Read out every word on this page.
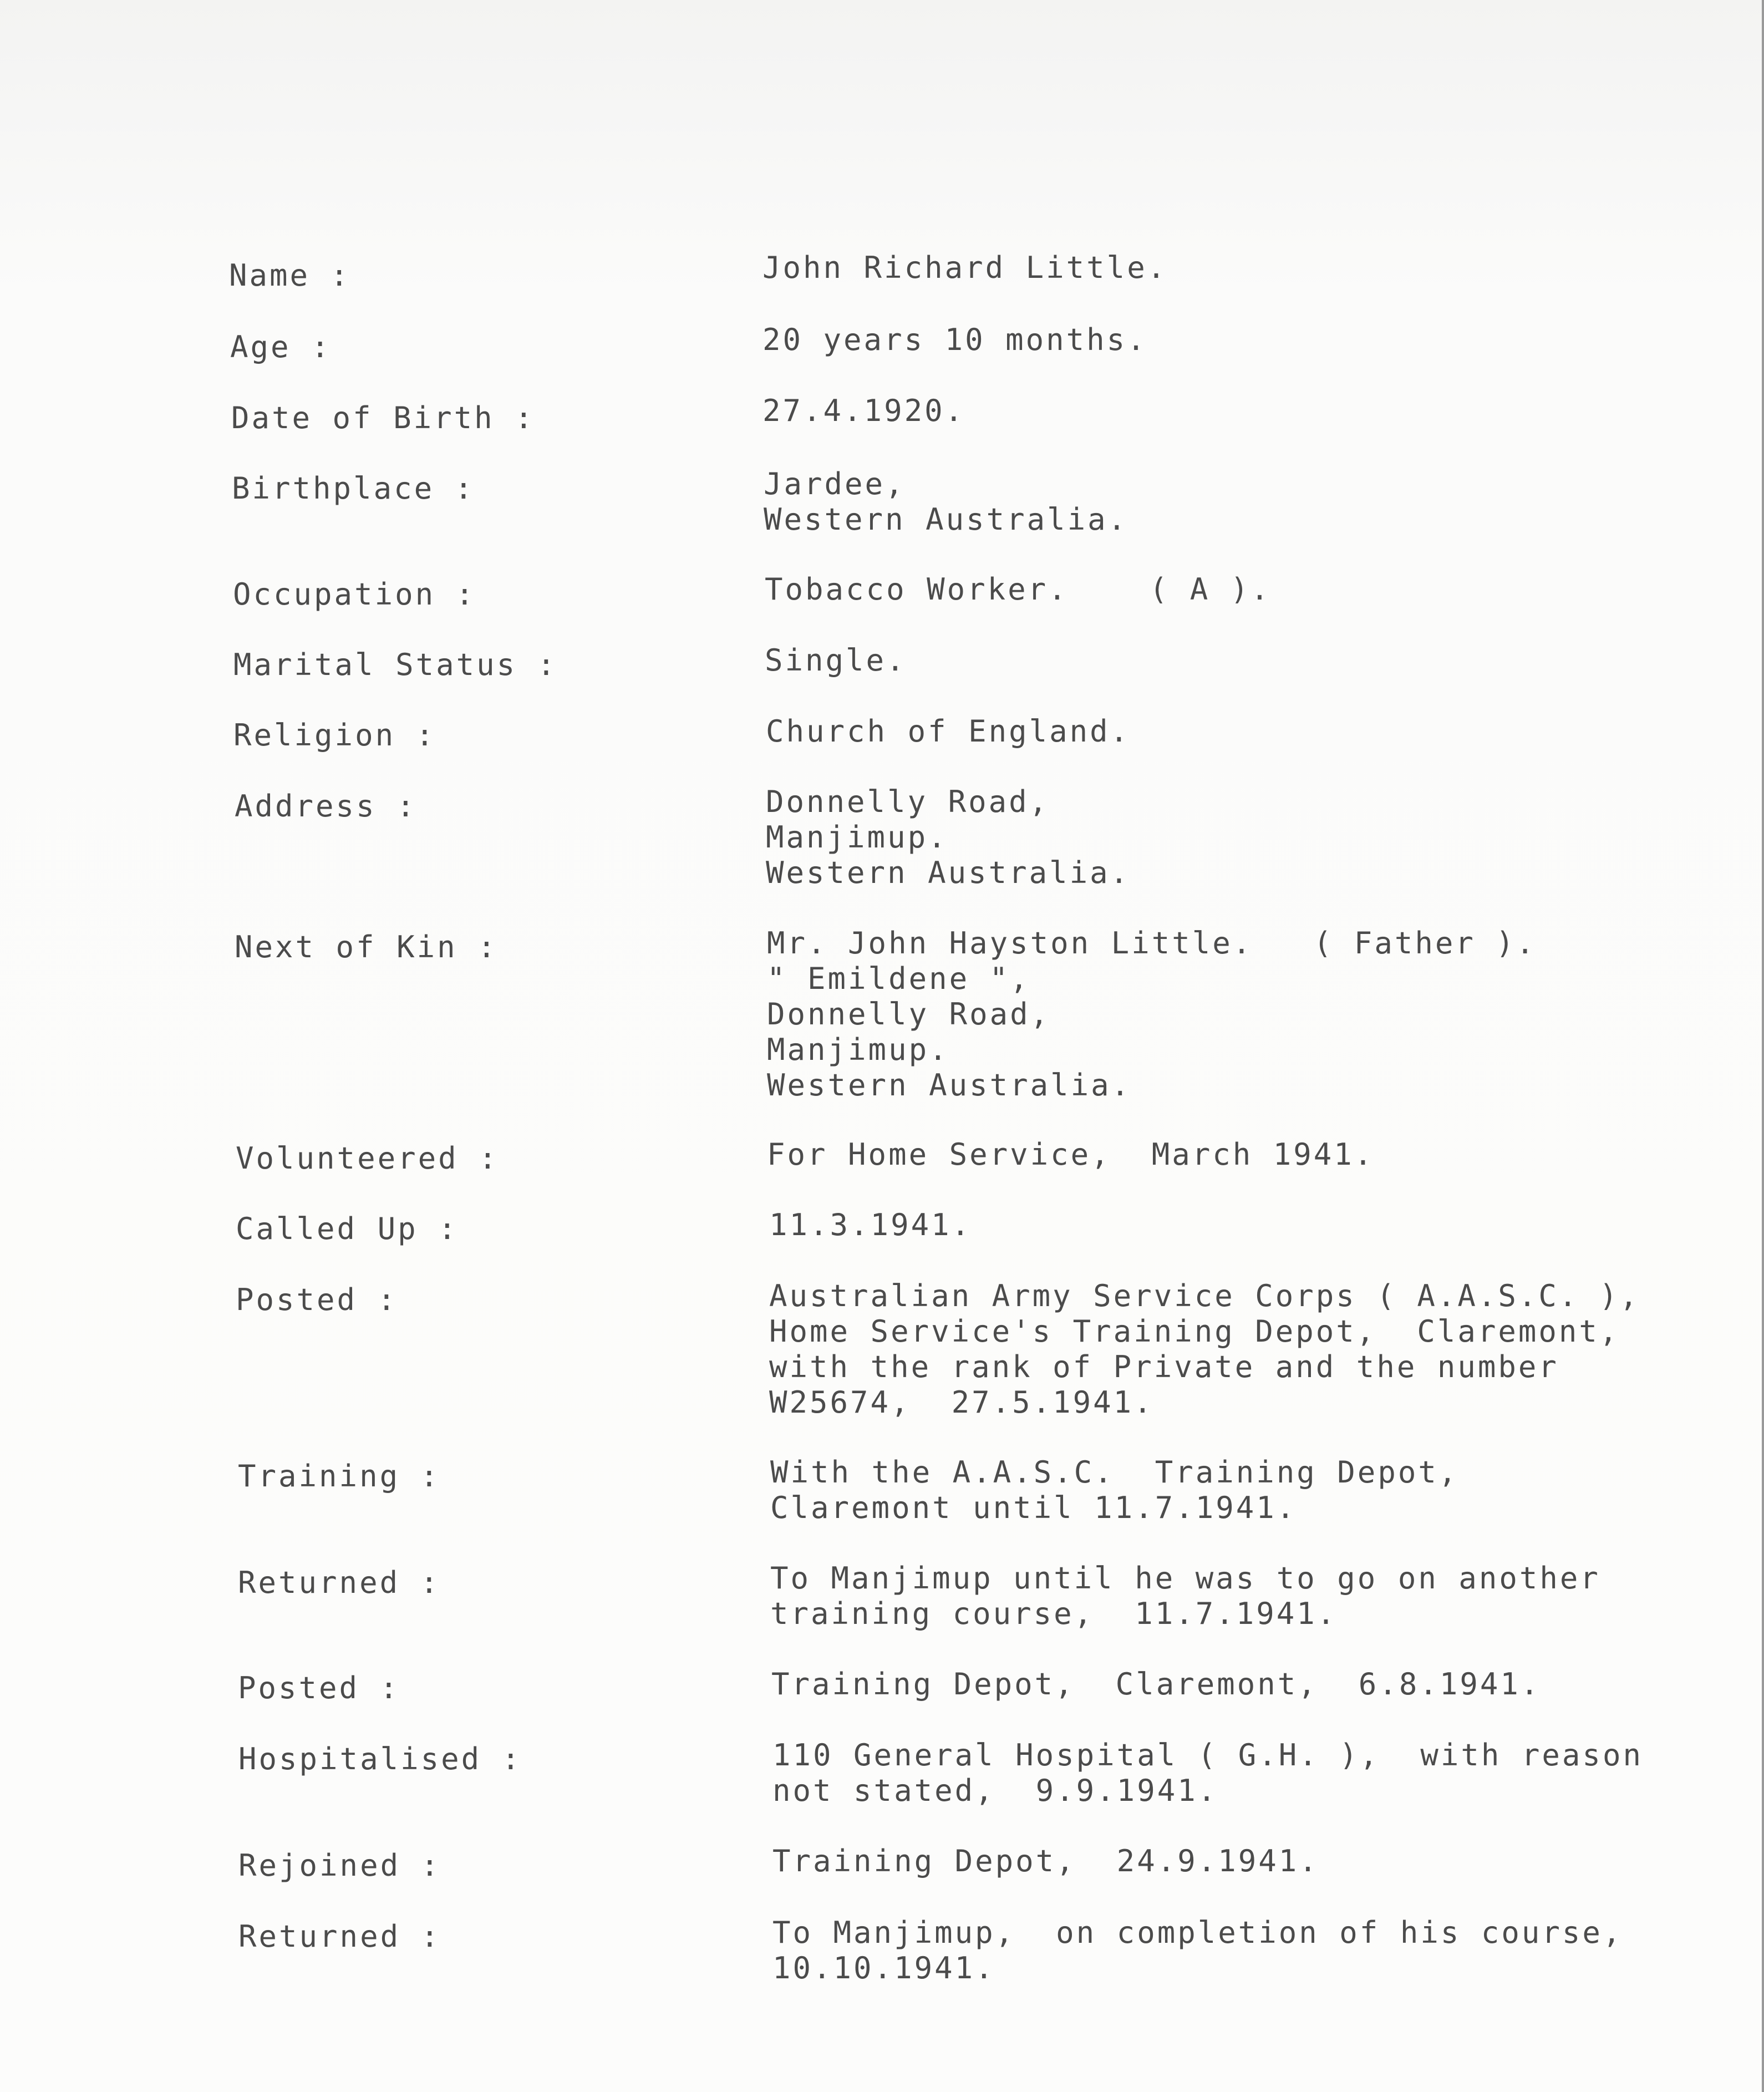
Name :	John Richard Little.
Age :	20 years 10 months.
Date of Birth :	27.4.1920.
Birthplace :	Jardee,
Western Australia.
Occupation :	Tobacco Worker.    ( A ).
Marital Status :	Single.
Religion :	Church of England.
Address :	Donnelly Road,
Manjimup.
Western Australia.
Next of Kin :	Mr. John Hayston Little.   ( Father ).
" Emildene ",
Donnelly Road,
Manjimup.
Western Australia.
Volunteered :	For Home Service,  March 1941.
Called Up :	11.3.1941.
Posted :	Australian Army Service Corps ( A.A.S.C. ),
Home Service's Training Depot,  Claremont,
with the rank of Private and the number
W25674,  27.5.1941.
Training :	With the A.A.S.C.  Training Depot,
Claremont until 11.7.1941.
Returned :	To Manjimup until he was to go on another
training course,  11.7.1941.
Posted :	Training Depot,  Claremont,  6.8.1941.
Hospitalised :	110 General Hospital ( G.H. ),  with reason
not stated,  9.9.1941.
Rejoined :	Training Depot,  24.9.1941.
Returned :	To Manjimup,  on completion of his course,
10.10.1941.
